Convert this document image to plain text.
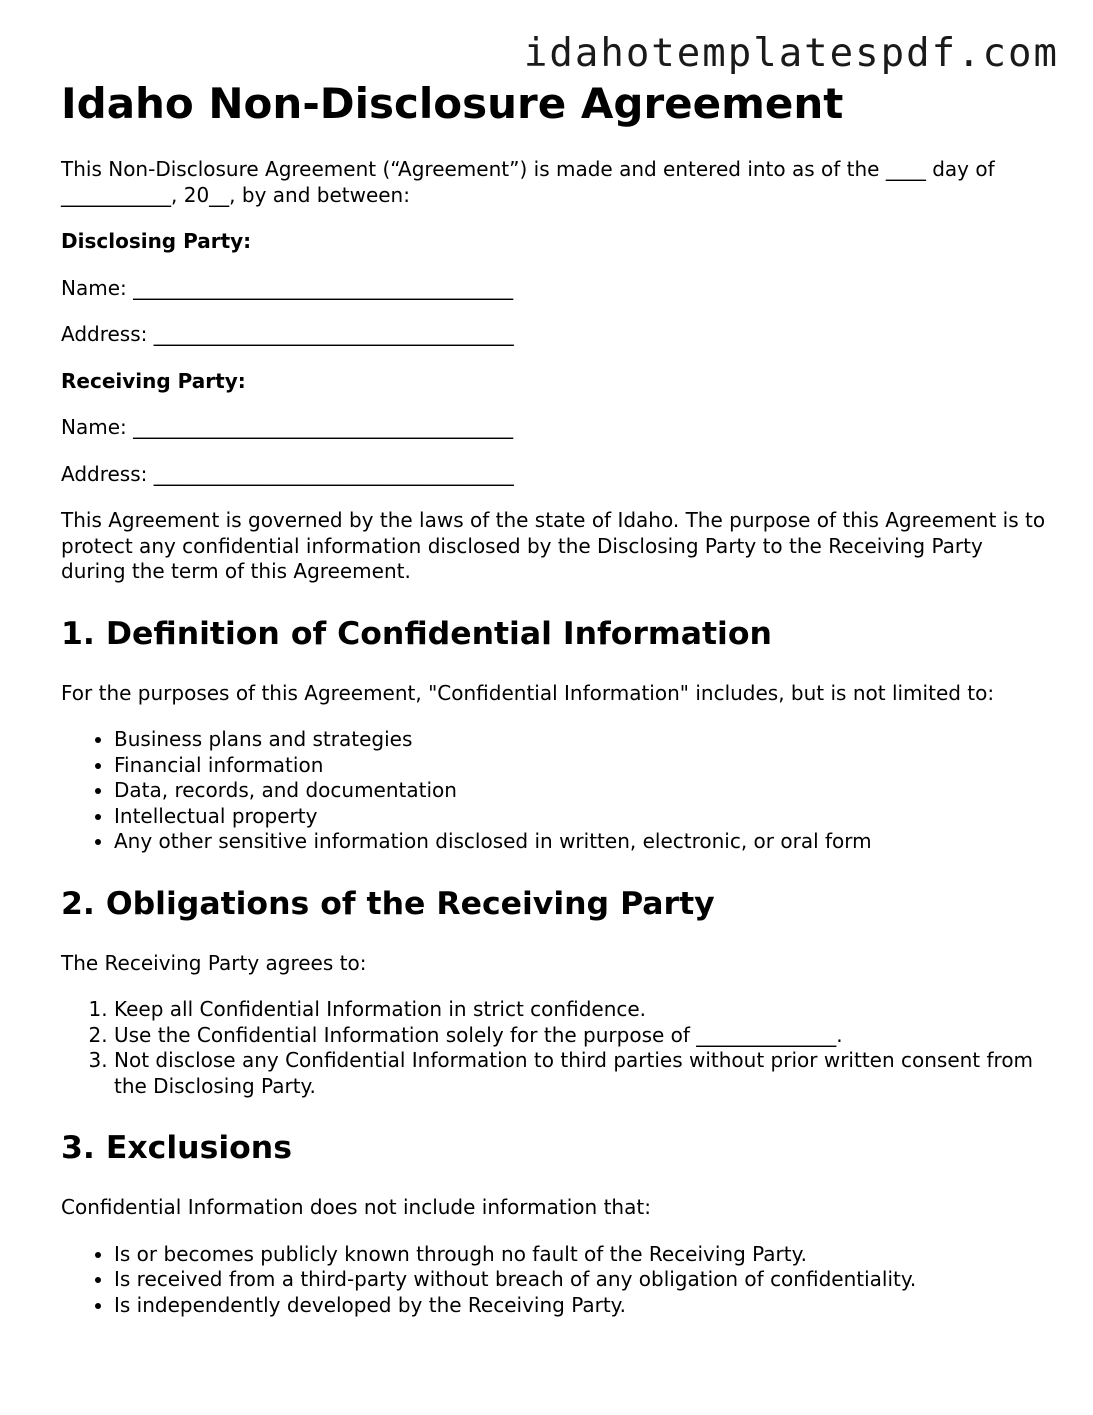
idahotemplatespdf.com
Idaho Non-Disclosure Agreement

This Non-Disclosure Agreement (“Agreement”) is made and entered into as of the ____ day of ___________, 20__, by and between:

Disclosing Party:

Name: ______________________________________

Address: ____________________________________

Receiving Party:

Name: ______________________________________

Address: ____________________________________

This Agreement is governed by the laws of the state of Idaho. The purpose of this Agreement is to protect any confidential information disclosed by the Disclosing Party to the Receiving Party during the term of this Agreement.

1. Definition of Confidential Information

For the purposes of this Agreement, "Confidential Information" includes, but is not limited to:

• Business plans and strategies
• Financial information
• Data, records, and documentation
• Intellectual property
• Any other sensitive information disclosed in written, electronic, or oral form
2. Obligations of the Receiving Party

The Receiving Party agrees to:

1. Keep all Confidential Information in strict confidence.
2. Use the Confidential Information solely for the purpose of ______________.
3. Not disclose any Confidential Information to third parties without prior written consent from the Disclosing Party.
3. Exclusions

Confidential Information does not include information that:

• Is or becomes publicly known through no fault of the Receiving Party.
• Is received from a third-party without breach of any obligation of confidentiality.
• Is independently developed by the Receiving Party.
